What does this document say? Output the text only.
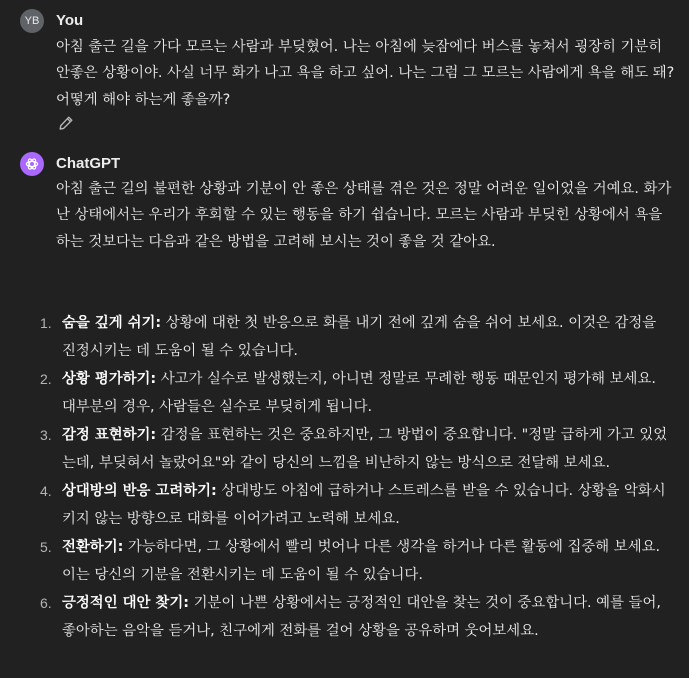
YB You

아침 출근 길을 가다 모르는 사람과 부딪혔어. 나는 아침에 늦잠에다 버스를 놓쳐서 굉장히 기분히 안좋은 상황이야. 사실 너무 화가 나고 욕을 하고 싶어. 나는 그럼 그 모르는 사람에게 욕을 해도 돼? 어떻게 해야 하는게 좋을까?

ChatGPT

아침 출근 길의 불편한 상황과 기분이 안 좋은 상태를 겪은 것은 정말 어려운 일이었을 거예요. 화가 난 상태에서는 우리가 후회할 수 있는 행동을 하기 쉽습니다. 모르는 사람과 부딪힌 상황에서 욕을 하는 것보다는 다음과 같은 방법을 고려해 보시는 것이 좋을 것 같아요.

1. 숨을 깊게 쉬기: 상황에 대한 첫 반응으로 화를 내기 전에 깊게 숨을 쉬어 보세요. 이것은 감정을 진정시키는 데 도움이 될 수 있습니다.
2. 상황 평가하기: 사고가 실수로 발생했는지, 아니면 정말로 무례한 행동 때문인지 평가해 보세요. 대부분의 경우, 사람들은 실수로 부딪히게 됩니다.
3. 감정 표현하기: 감정을 표현하는 것은 중요하지만, 그 방법이 중요합니다. "정말 급하게 가고 있었는데, 부딪혀서 놀랐어요"와 같이 당신의 느낌을 비난하지 않는 방식으로 전달해 보세요.
4. 상대방의 반응 고려하기: 상대방도 아침에 급하거나 스트레스를 받을 수 있습니다. 상황을 악화시키지 않는 방향으로 대화를 이어가려고 노력해 보세요.
5. 전환하기: 가능하다면, 그 상황에서 빨리 벗어나 다른 생각을 하거나 다른 활동에 집중해 보세요. 이는 당신의 기분을 전환시키는 데 도움이 될 수 있습니다.
6. 긍정적인 대안 찾기: 기분이 나쁜 상황에서는 긍정적인 대안을 찾는 것이 중요합니다. 예를 들어, 좋아하는 음악을 듣거나, 친구에게 전화를 걸어 상황을 공유하며 웃어보세요.
